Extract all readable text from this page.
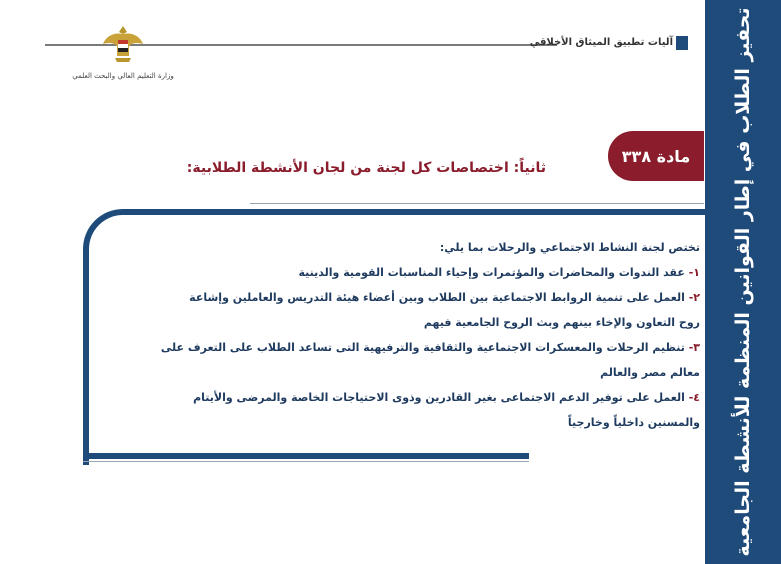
تحفيز الطلاب في إطار القوانين المنظمة للأنشطة الجامعية
آليات تطبيق الميثاق الأخلاقي
وزارة التعليم العالي والبحث العلمي
مادة ٣٣٨
ثانياً: اختصاصات كل لجنة من لجان الأنشطة الطلابية:
تختص لجنة النشاط الاجتماعي والرحلات بما يلي:
١- عقد الندوات والمحاضرات والمؤتمرات وإحياء المناسبات القومية والدينية
٢- العمل على تنمية الروابط الاجتماعية بين الطلاب وبين أعضاء هيئة التدريس والعاملين وإشاعة
روح التعاون والإخاء بينهم وبث الروح الجامعية فيهم
٣- تنظيم الرحلات والمعسكرات الاجتماعية والثقافية والترفيهية التى تساعد الطلاب على التعرف على
معالم مصر والعالم
٤- العمل على توفير الدعم الاجتماعى بغير القادرين وذوى الاحتياجات الخاصة والمرضى والأيتام
والمسنين داخلياً وخارجياً
